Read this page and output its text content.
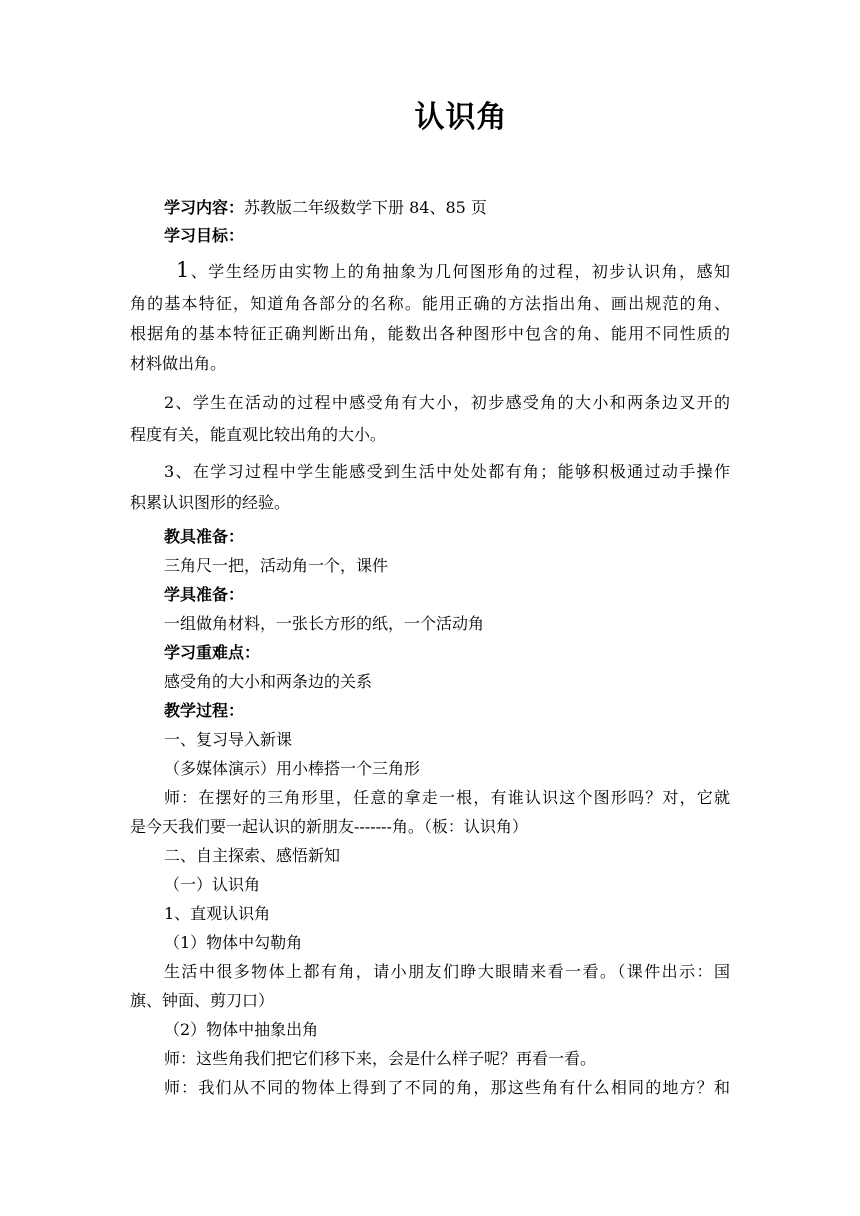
认识角
学习内容：苏教版二年级数学下册 84、85 页
学习目标：
1、学生经历由实物上的角抽象为几何图形角的过程，初步认识角，感知
角的基本特征，知道角各部分的名称。能用正确的方法指出角、画出规范的角、
根据角的基本特征正确判断出角，能数出各种图形中包含的角、能用不同性质的
材料做出角。
2、学生在活动的过程中感受角有大小，初步感受角的大小和两条边叉开的
程度有关，能直观比较出角的大小。
3、在学习过程中学生能感受到生活中处处都有角；能够积极通过动手操作
积累认识图形的经验。
教具准备：
三角尺一把，活动角一个，课件
学具准备：
一组做角材料，一张长方形的纸，一个活动角
学习重难点：
感受角的大小和两条边的关系
教学过程：
一、复习导入新课
（多媒体演示）用小棒搭一个三角形
师：在摆好的三角形里，任意的拿走一根，有谁认识这个图形吗？对，它就
是今天我们要一起认识的新朋友-------角。（板：认识角）
二、自主探索、感悟新知
（一）认识角
1、直观认识角
（1）物体中勾勒角
生活中很多物体上都有角，请小朋友们睁大眼睛来看一看。（课件出示：国
旗、钟面、剪刀口）
（2）物体中抽象出角
师：这些角我们把它们移下来，会是什么样子呢？再看一看。
师：我们从不同的物体上得到了不同的角，那这些角有什么相同的地方？和
